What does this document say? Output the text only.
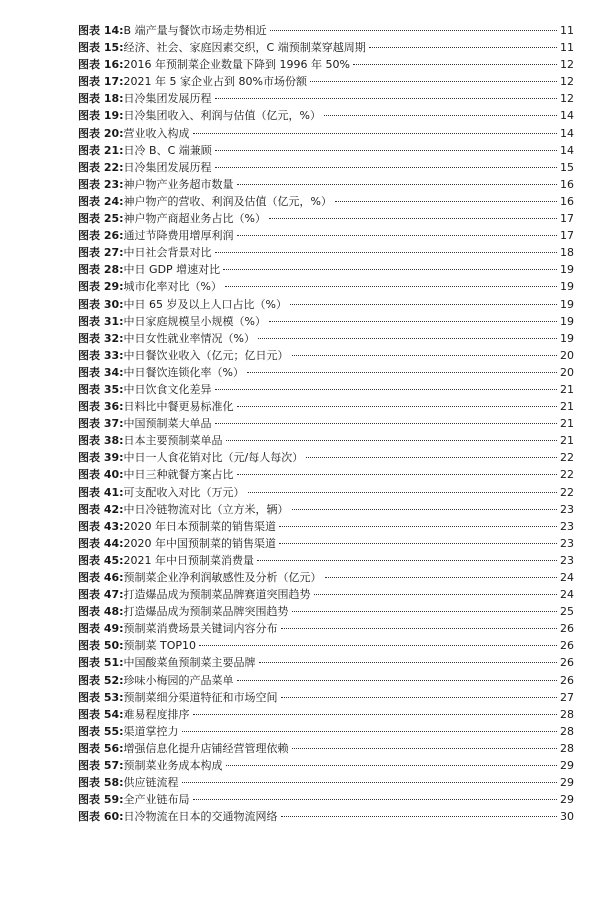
图表 14: B 端产量与餐饮市场走势相近	11
图表 15: 经济、社会、家庭因素交织，C 端预制菜穿越周期	11
图表 16: 2016 年预制菜企业数量下降到 1996 年 50%	12
图表 17: 2021 年 5 家企业占到 80%市场份额	12
图表 18: 日冷集团发展历程	12
图表 19: 日冷集团收入、利润与估值（亿元，%）	14
图表 20: 营业收入构成	14
图表 21: 日冷 B、C 端兼顾	14
图表 22: 日冷集团发展历程	15
图表 23: 神户物产业务超市数量	16
图表 24: 神户物产的营收、利润及估值（亿元，%）	16
图表 25: 神户物产商超业务占比（%）	17
图表 26: 通过节降费用增厚利润	17
图表 27: 中日社会背景对比	18
图表 28: 中日 GDP 增速对比	19
图表 29: 城市化率对比（%）	19
图表 30: 中日 65 岁及以上人口占比（%）	19
图表 31: 中日家庭规模呈小规模（%）	19
图表 32: 中日女性就业率情况（%）	19
图表 33: 中日餐饮业收入（亿元；亿日元）	20
图表 34: 中日餐饮连锁化率（%）	20
图表 35: 中日饮食文化差异	21
图表 36: 日料比中餐更易标准化	21
图表 37: 中国预制菜大单品	21
图表 38: 日本主要预制菜单品	21
图表 39: 中日一人食花销对比（元/每人每次）	22
图表 40: 中日三种就餐方案占比	22
图表 41: 可支配收入对比（万元）	22
图表 42: 中日冷链物流对比（立方米，辆）	23
图表 43: 2020 年日本预制菜的销售渠道	23
图表 44: 2020 年中国预制菜的销售渠道	23
图表 45: 2021 年中日预制菜消费量	23
图表 46: 预制菜企业净利润敏感性及分析（亿元）	24
图表 47: 打造爆品成为预制菜品牌赛道突围趋势	24
图表 48: 打造爆品成为预制菜品牌突围趋势	25
图表 49: 预制菜消费场景关键词内容分布	26
图表 50: 预制菜 TOP10	26
图表 51: 中国酸菜鱼预制菜主要品牌	26
图表 52: 珍味小梅园的产品菜单	26
图表 53: 预制菜细分渠道特征和市场空间	27
图表 54: 难易程度排序	28
图表 55: 渠道掌控力	28
图表 56: 增强信息化提升店铺经营管理依赖	28
图表 57: 预制菜业务成本构成	29
图表 58: 供应链流程	29
图表 59: 全产业链布局	29
图表 60: 日冷物流在日本的交通物流网络	30
